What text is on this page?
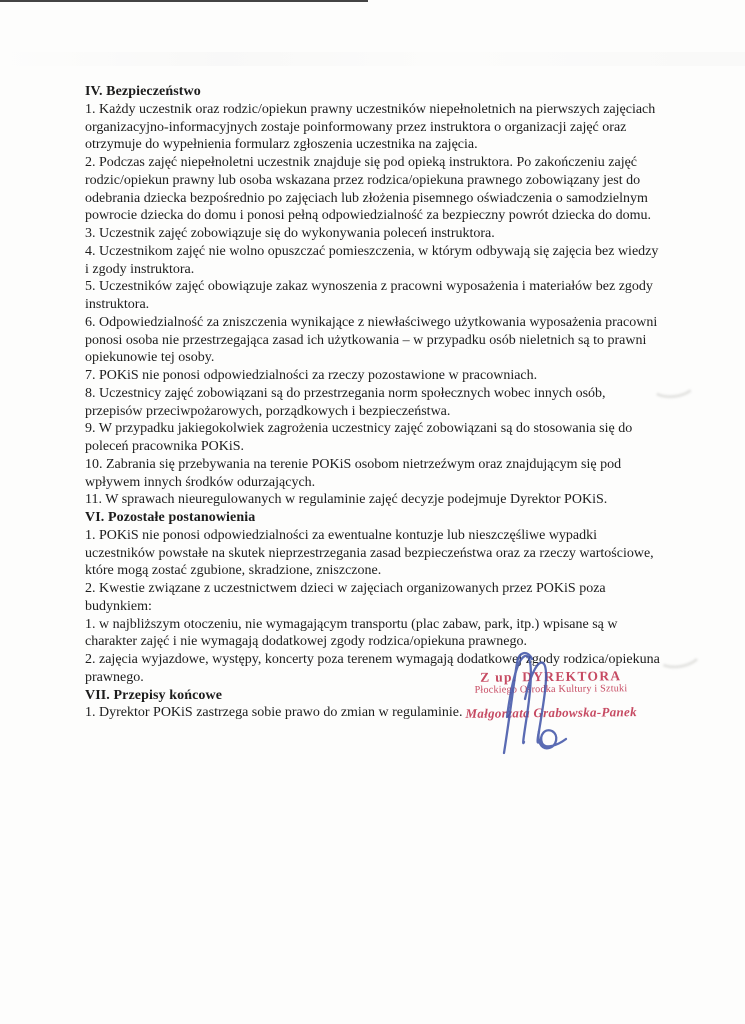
IV. Bezpieczeństwo

1. Każdy uczestnik oraz rodzic/opiekun prawny uczestników niepełnoletnich na pierwszych zajęciach organizacyjno-informacyjnych zostaje poinformowany przez instruktora o organizacji zajęć oraz otrzymuje do wypełnienia formularz zgłoszenia uczestnika na zajęcia.

2. Podczas zajęć niepełnoletni uczestnik znajduje się pod opieką instruktora. Po zakończeniu zajęć rodzic/opiekun prawny lub osoba wskazana przez rodzica/opiekuna prawnego zobowiązany jest do odebrania dziecka bezpośrednio po zajęciach lub złożenia pisemnego oświadczenia o samodzielnym powrocie dziecka do domu i ponosi pełną odpowiedzialność za bezpieczny powrót dziecka do domu.

3. Uczestnik zajęć zobowiązuje się do wykonywania poleceń instruktora.

4. Uczestnikom zajęć nie wolno opuszczać pomieszczenia, w którym odbywają się zajęcia bez wiedzy i zgody instruktora.

5. Uczestników zajęć obowiązuje zakaz wynoszenia z pracowni wyposażenia i materiałów bez zgody instruktora.

6. Odpowiedzialność za zniszczenia wynikające z niewłaściwego użytkowania wyposażenia pracowni ponosi osoba nie przestrzegająca zasad ich użytkowania – w przypadku osób nieletnich są to prawni opiekunowie tej osoby.

7. POKiS nie ponosi odpowiedzialności za rzeczy pozostawione w pracowniach.

8. Uczestnicy zajęć zobowiązani są do przestrzegania norm społecznych wobec innych osób, przepisów przeciwpożarowych, porządkowych i bezpieczeństwa.

9. W przypadku jakiegokolwiek zagrożenia uczestnicy zajęć zobowiązani są do stosowania się do poleceń pracownika POKiS.

10. Zabrania się przebywania na terenie POKiS osobom nietrzeźwym oraz znajdującym się pod wpływem innych środków odurzających.

11. W sprawach nieuregulowanych w regulaminie zajęć decyzje podejmuje Dyrektor POKiS.

VI. Pozostałe postanowienia

1. POKiS nie ponosi odpowiedzialności za ewentualne kontuzje lub nieszczęśliwe wypadki uczestników powstałe na skutek nieprzestrzegania zasad bezpieczeństwa oraz za rzeczy wartościowe, które mogą zostać zgubione, skradzione, zniszczone.

2. Kwestie związane z uczestnictwem dzieci w zajęciach organizowanych przez POKiS poza budynkiem:

1. w najbliższym otoczeniu, nie wymagającym transportu (plac zabaw, park, itp.) wpisane są w charakter zajęć i nie wymagają dodatkowej zgody rodzica/opiekuna prawnego.

2. zajęcia wyjazdowe, występy, koncerty poza terenem wymagają dodatkowej zgody rodzica/opiekuna prawnego.

VII. Przepisy końcowe

1. Dyrektor POKiS zastrzega sobie prawo do zmian w regulaminie.

Z up. DYREKTORA
Płockiego Ośrodka Kultury i Sztuki
Małgorzata Grabowska-Panek
